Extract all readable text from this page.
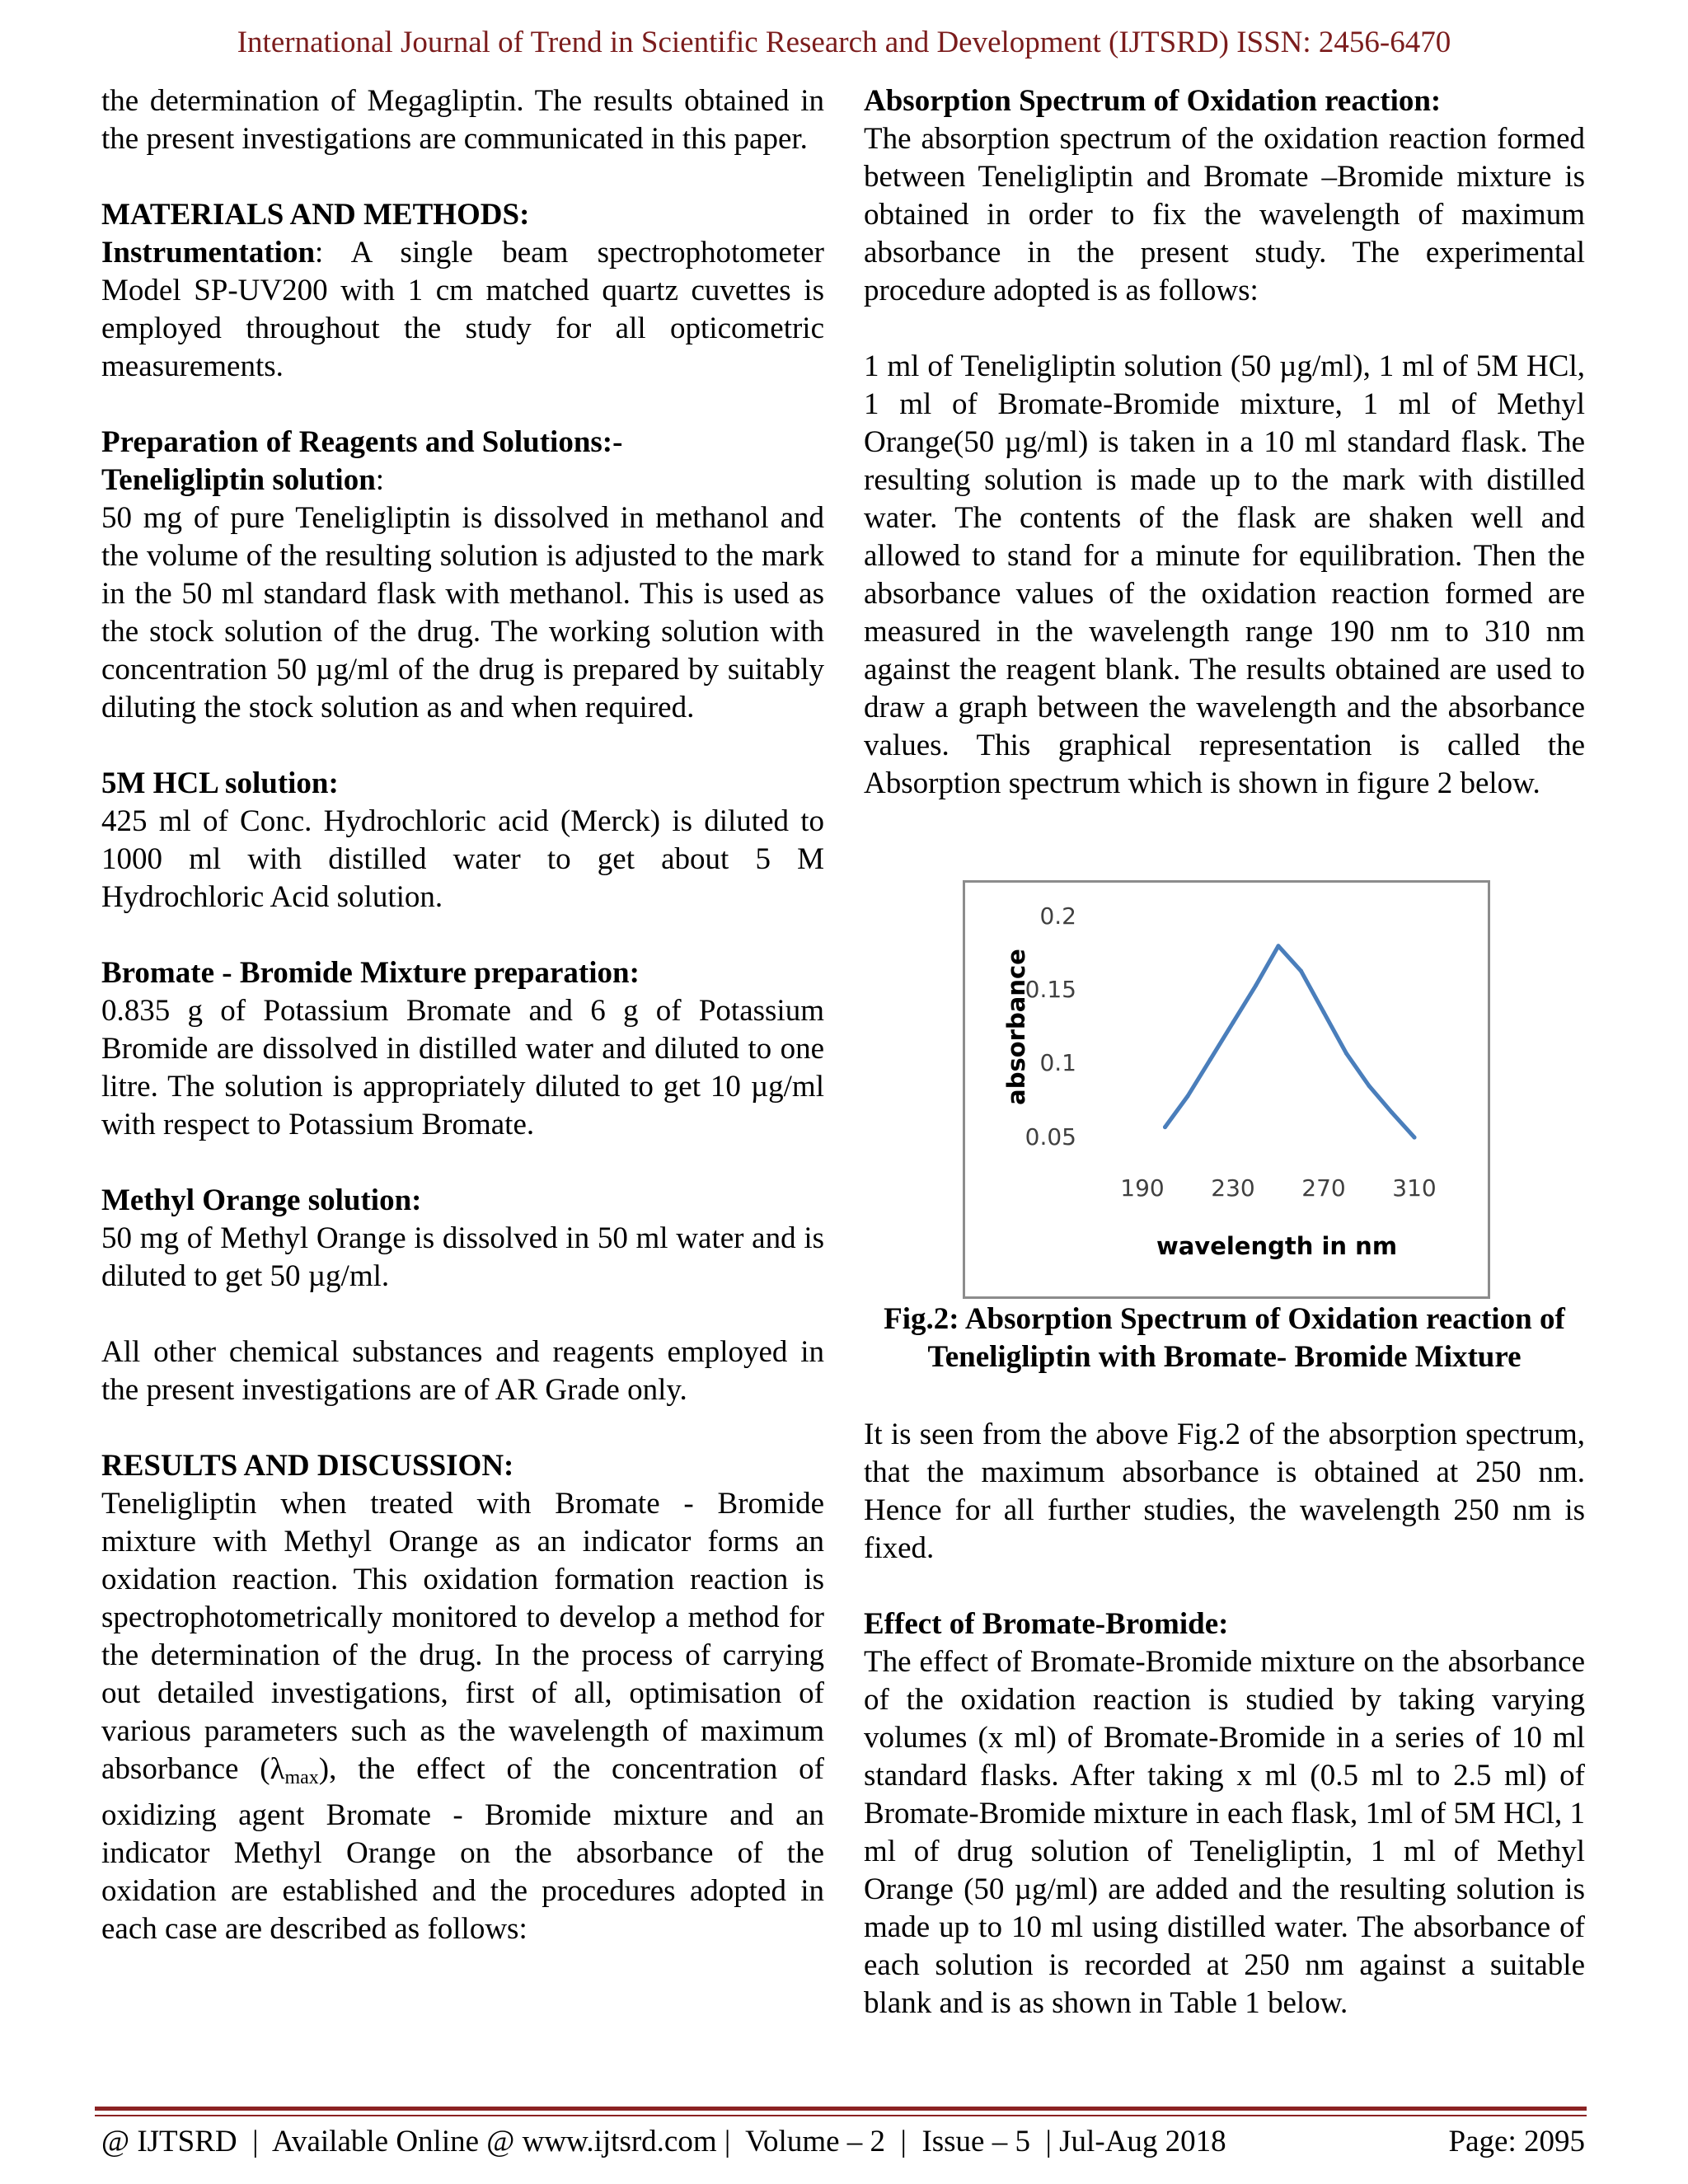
International Journal of Trend in Scientific Research and Development (IJTSRD) ISSN: 2456-6470

the determination of Megagliptin. The results obtained in the present investigations are communicated in this paper.

MATERIALS AND METHODS:

Instrumentation: A single beam spectrophotometer Model SP-UV200 with 1 cm matched quartz cuvettes is employed throughout the study for all opticometric measurements.

Preparation of Reagents and Solutions:-

Teneligliptin solution:

50 mg of pure Teneligliptin is dissolved in methanol and the volume of the resulting solution is adjusted to the mark in the 50 ml standard flask with methanol. This is used as the stock solution of the drug. The working solution with concentration 50 µg/ml of the drug is prepared by suitably diluting the stock solution as and when required.

5M HCL solution:

425 ml of Conc. Hydrochloric acid (Merck) is diluted to 1000 ml with distilled water to get about 5 M Hydrochloric Acid solution.

Bromate - Bromide Mixture preparation:

0.835 g of Potassium Bromate and 6 g of Potassium Bromide are dissolved in distilled water and diluted to one litre. The solution is appropriately diluted to get 10 µg/ml with respect to Potassium Bromate.

Methyl Orange solution:

50 mg of Methyl Orange is dissolved in 50 ml water and is diluted to get 50 µg/ml.

All other chemical substances and reagents employed in the present investigations are of AR Grade only.

RESULTS AND DISCUSSION:

Teneligliptin when treated with Bromate - Bromide mixture with Methyl Orange as an indicator forms an oxidation reaction. This oxidation formation reaction is spectrophotometrically monitored to develop a method for the determination of the drug. In the process of carrying out detailed investigations, first of all, optimisation of various parameters such as the wavelength of maximum absorbance $(\lambda_{max})$, the effect of the concentration of oxidizing agent Bromate - Bromide mixture and an indicator Methyl Orange on the absorbance of the oxidation are established and the procedures adopted in each case are described as follows:

Absorption Spectrum of Oxidation reaction:

The absorption spectrum of the oxidation reaction formed between Teneligliptin and Bromate –Bromide mixture is obtained in order to fix the wavelength of maximum absorbance in the present study. The experimental procedure adopted is as follows:

1 ml of Teneligliptin solution (50 µg/ml), 1 ml of 5M HCl, 1 ml of Bromate-Bromide mixture, 1 ml of Methyl Orange(50 µg/ml) is taken in a 10 ml standard flask. The resulting solution is made up to the mark with distilled water. The contents of the flask are shaken well and allowed to stand for a minute for equilibration. Then the absorbance values of the oxidation reaction formed are measured in the wavelength range 190 nm to 310 nm against the reagent blank. The results obtained are used to draw a graph between the wavelength and the absorbance values. This graphical representation is called the Absorption spectrum which is shown in figure 2 below.

0.2
0.15
0.1
0.05
190 230 270 310
absorbance
wavelength in nm
Fig.2: Absorption Spectrum of Oxidation reaction of Teneligliptin with Bromate- Bromide Mixture

It is seen from the above Fig.2 of the absorption spectrum, that the maximum absorbance is obtained at 250 nm. Hence for all further studies, the wavelength 250 nm is fixed.

Effect of Bromate-Bromide:

The effect of Bromate-Bromide mixture on the absorbance of the oxidation reaction is studied by taking varying volumes (x ml) of Bromate-Bromide in a series of 10 ml standard flasks. After taking x ml (0.5 ml to 2.5 ml) of Bromate-Bromide mixture in each flask, 1ml of 5M HCl, 1 ml of drug solution of Teneligliptin, 1 ml of Methyl Orange (50 µg/ml) are added and the resulting solution is made up to 10 ml using distilled water. The absorbance of each solution is recorded at 250 nm against a suitable blank and is as shown in Table 1 below.

@ IJTSRD  |  Available Online @ www.ijtsrd.com |  Volume – 2  |  Issue – 5  | Jul-Aug 2018	Page: 2095
